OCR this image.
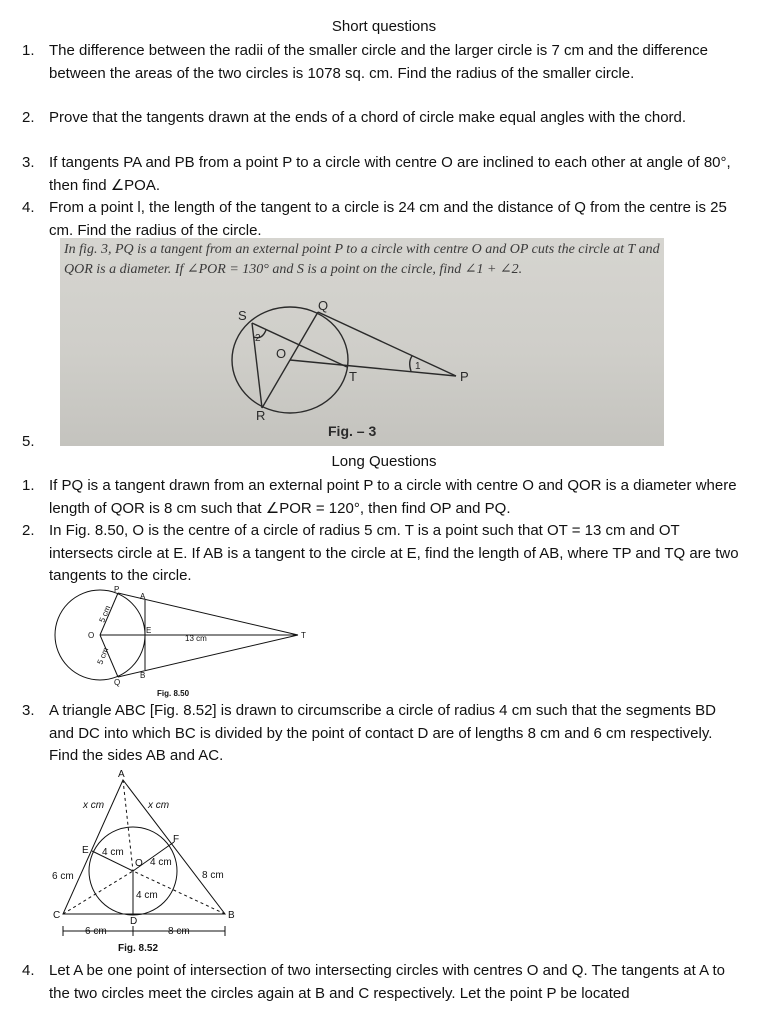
Short questions
1. The difference between the radii of the smaller circle and the larger circle is 7 cm and the difference between the areas of the two circles is 1078 sq. cm. Find the radius of the smaller circle.
2. Prove that the tangents drawn at the ends of a chord of circle make equal angles with the chord.
3. If tangents PA and PB from a point P to a circle with centre O are inclined to each other at angle of 80°, then find ∠POA.
4. From a point l, the length of the tangent to a circle is 24 cm and the distance of Q from the centre is 25 cm. Find the radius of the circle.
5.
In fig. 3, PQ is a tangent from an external point P to a circle with centre O and OP cuts the circle at T and QOR is a diameter. If ∠POR = 130° and S is a point on the circle, find ∠1 + ∠2.
S
Q
O
T	P
R
1
2
Fig. – 3
Long Questions
1. If PQ is a tangent drawn from an external point P to a circle with centre O and QOR is a diameter where length of QOR is 8 cm such that ∠POR = 120°, then find OP and PQ.
2. In Fig. 8.50, O is the centre of a circle of radius 5 cm. T is a point such that OT = 13 cm and OT intersects circle at E. If AB is a tangent to the circle at E, find the length of AB, where TP and TQ are two tangents to the circle.
P
A
O
E
T
Q
B
13 cm
5 cm
5 cm
Fig. 8.50
3. A triangle ABC [Fig. 8.52] is drawn to circumscribe a circle of radius 4 cm such that the segments BD and DC into which BC is divided by the point of contact D are of lengths 8 cm and 6 cm respectively. Find the sides AB and AC.
A
B
C
D
E
F
O
x cm	x cm
4 cm
4 cm
4 cm
6 cm	8 cm
6 cm	8 cm
Fig. 8.52
4. Let A be one point of intersection of two intersecting circles with centres O and Q. The tangents at A to the two circles meet the circles again at B and C respectively. Let the point P be located
